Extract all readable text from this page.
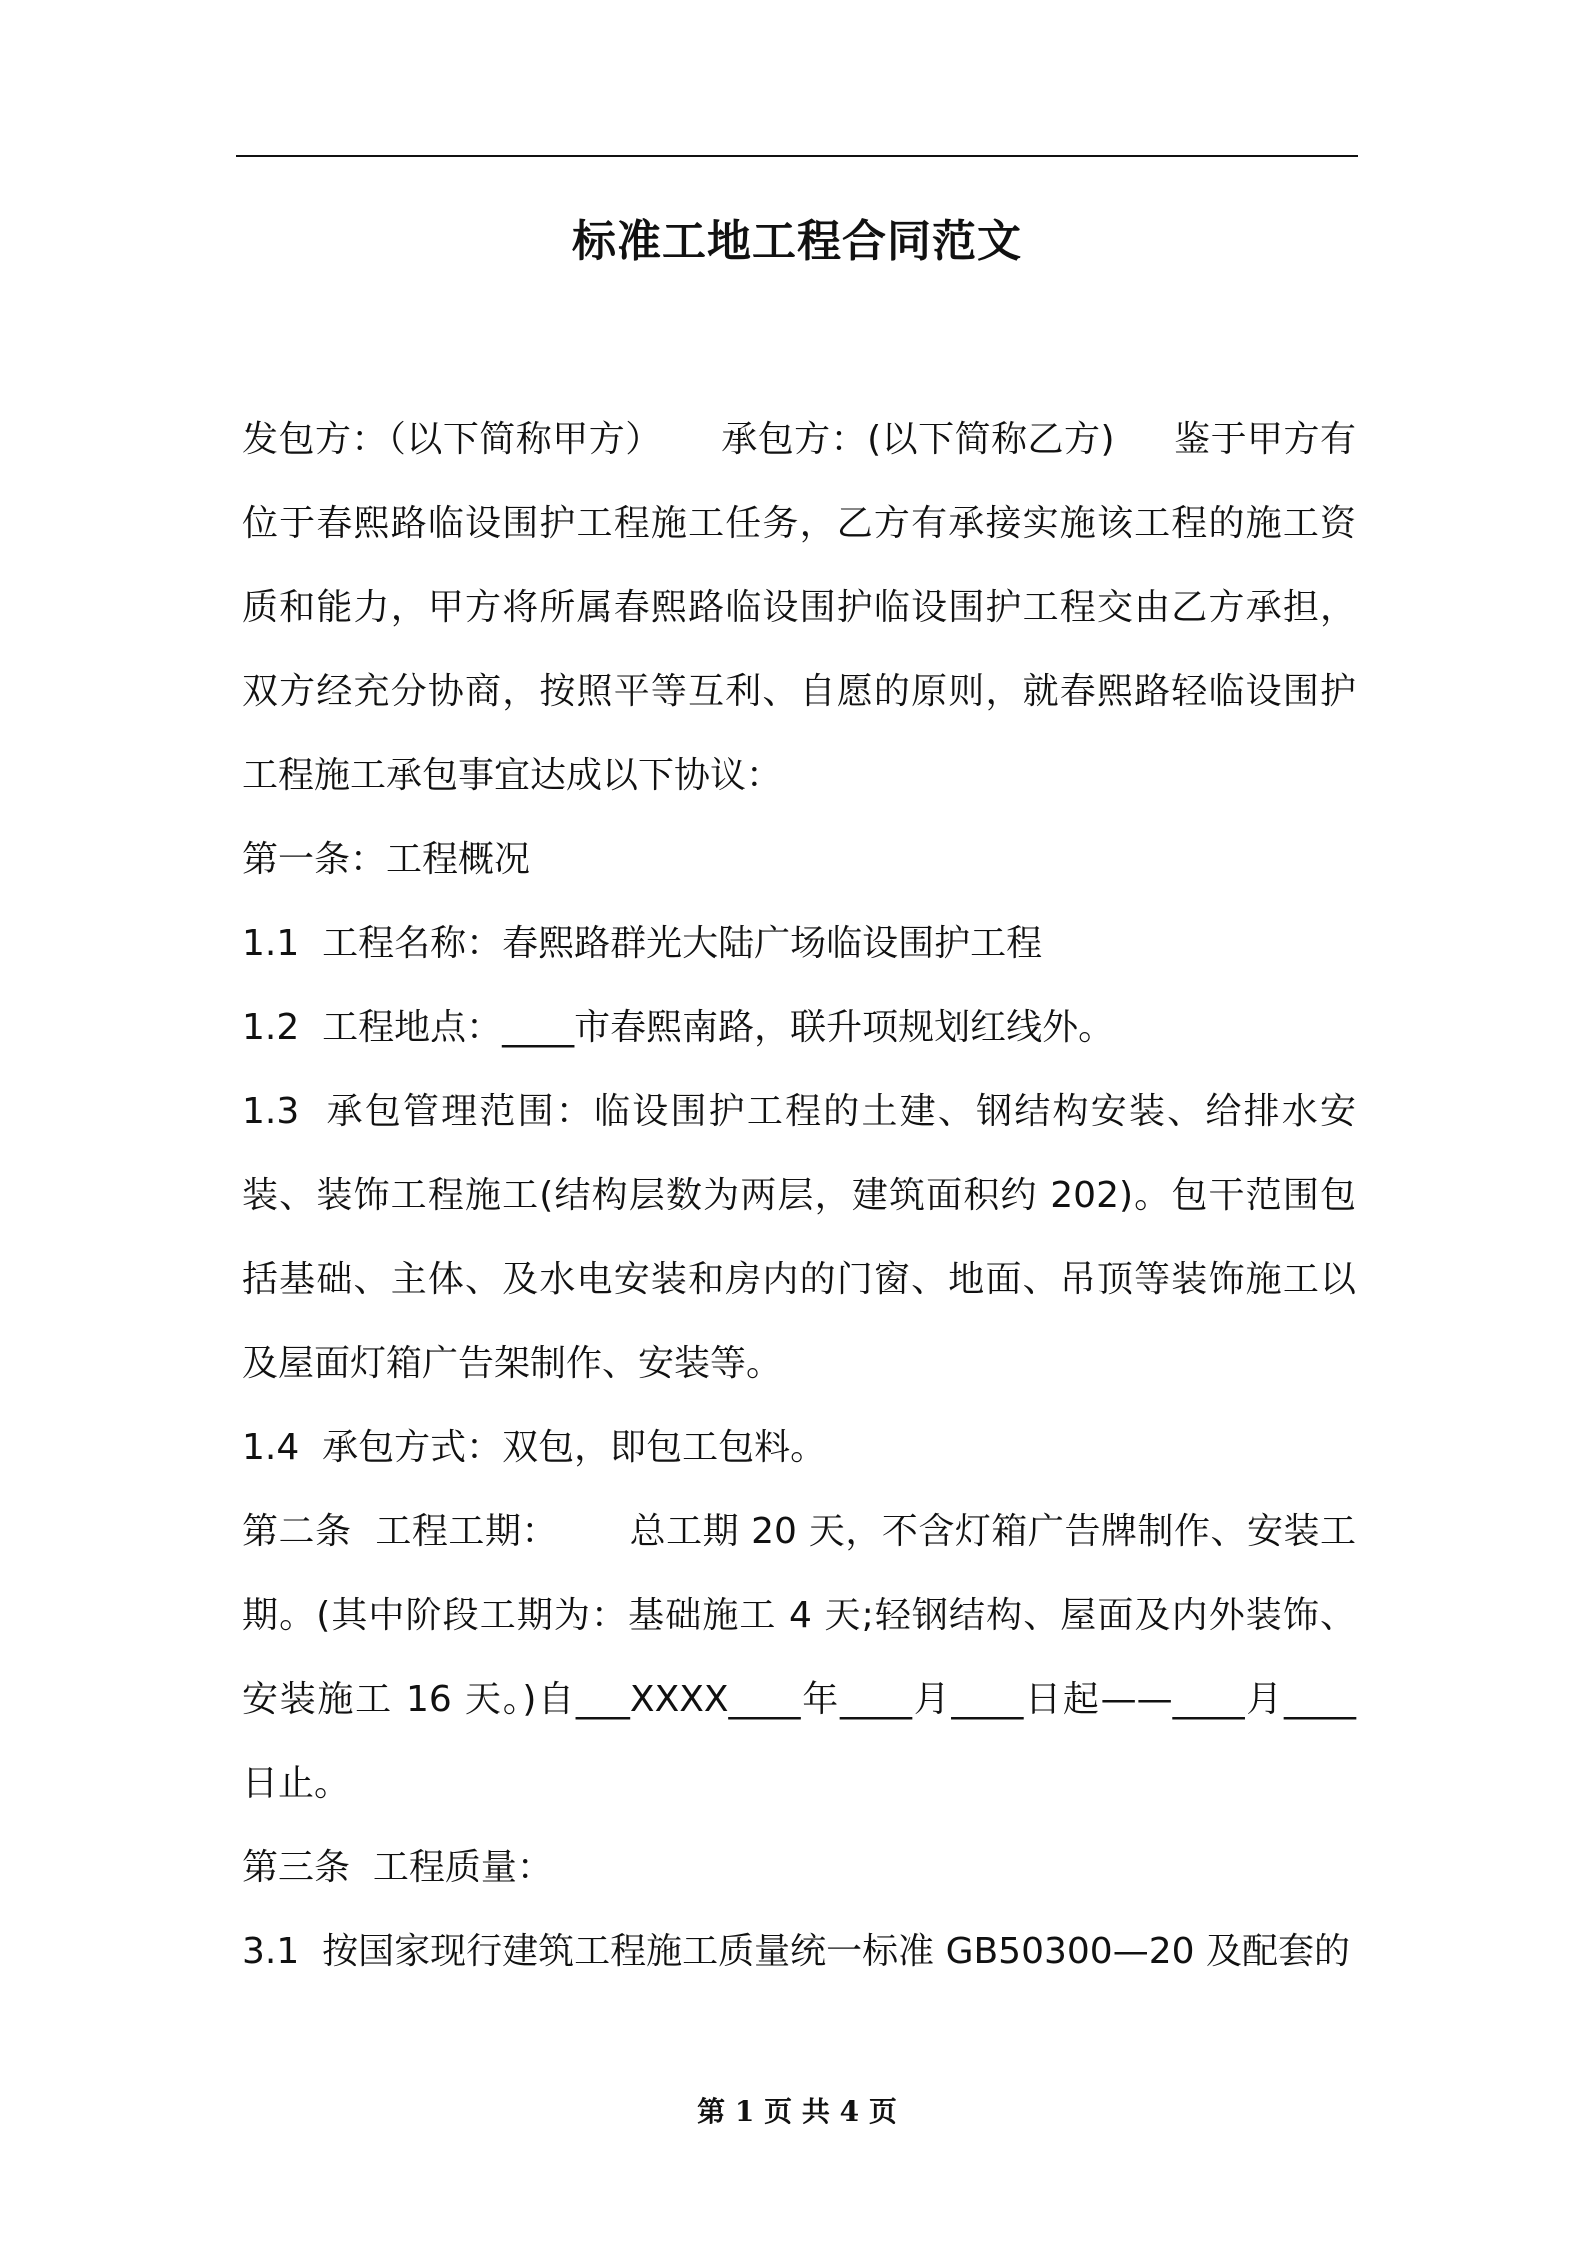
标准工地工程合同范文

发包方：（以下简称甲方）     承包方：(以下简称乙方)     鉴于甲方有位于春熙路临设围护工程施工任务，乙方有承接实施该工程的施工资质和能力，甲方将所属春熙路临设围护临设围护工程交由乙方承担，双方经充分协商，按照平等互利、自愿的原则，就春熙路轻临设围护工程施工承包事宜达成以下协议：

第一条：工程概况

1.1  工程名称：春熙路群光大陆广场临设围护工程

1.2  工程地点：____市春熙南路，联升项规划红线外。

1.3  承包管理范围：临设围护工程的土建、钢结构安装、给排水安装、装饰工程施工(结构层数为两层，建筑面积约 202)。包干范围包括基础、主体、及水电安装和房内的门窗、地面、吊顶等装饰施工以及屋面灯箱广告架制作、安装等。

1.4  承包方式：双包，即包工包料。

第二条  工程工期：      总工期 20 天，不含灯箱广告牌制作、安装工期。(其中阶段工期为：基础施工 4 天;轻钢结构、屋面及内外装饰、安装施工 16 天。)自___XXXX____年____月____日起——____月____日止。

第三条  工程质量：

3.1  按国家现行建筑工程施工质量统一标准 GB50300—20 及配套的

第 1 页 共 4 页
